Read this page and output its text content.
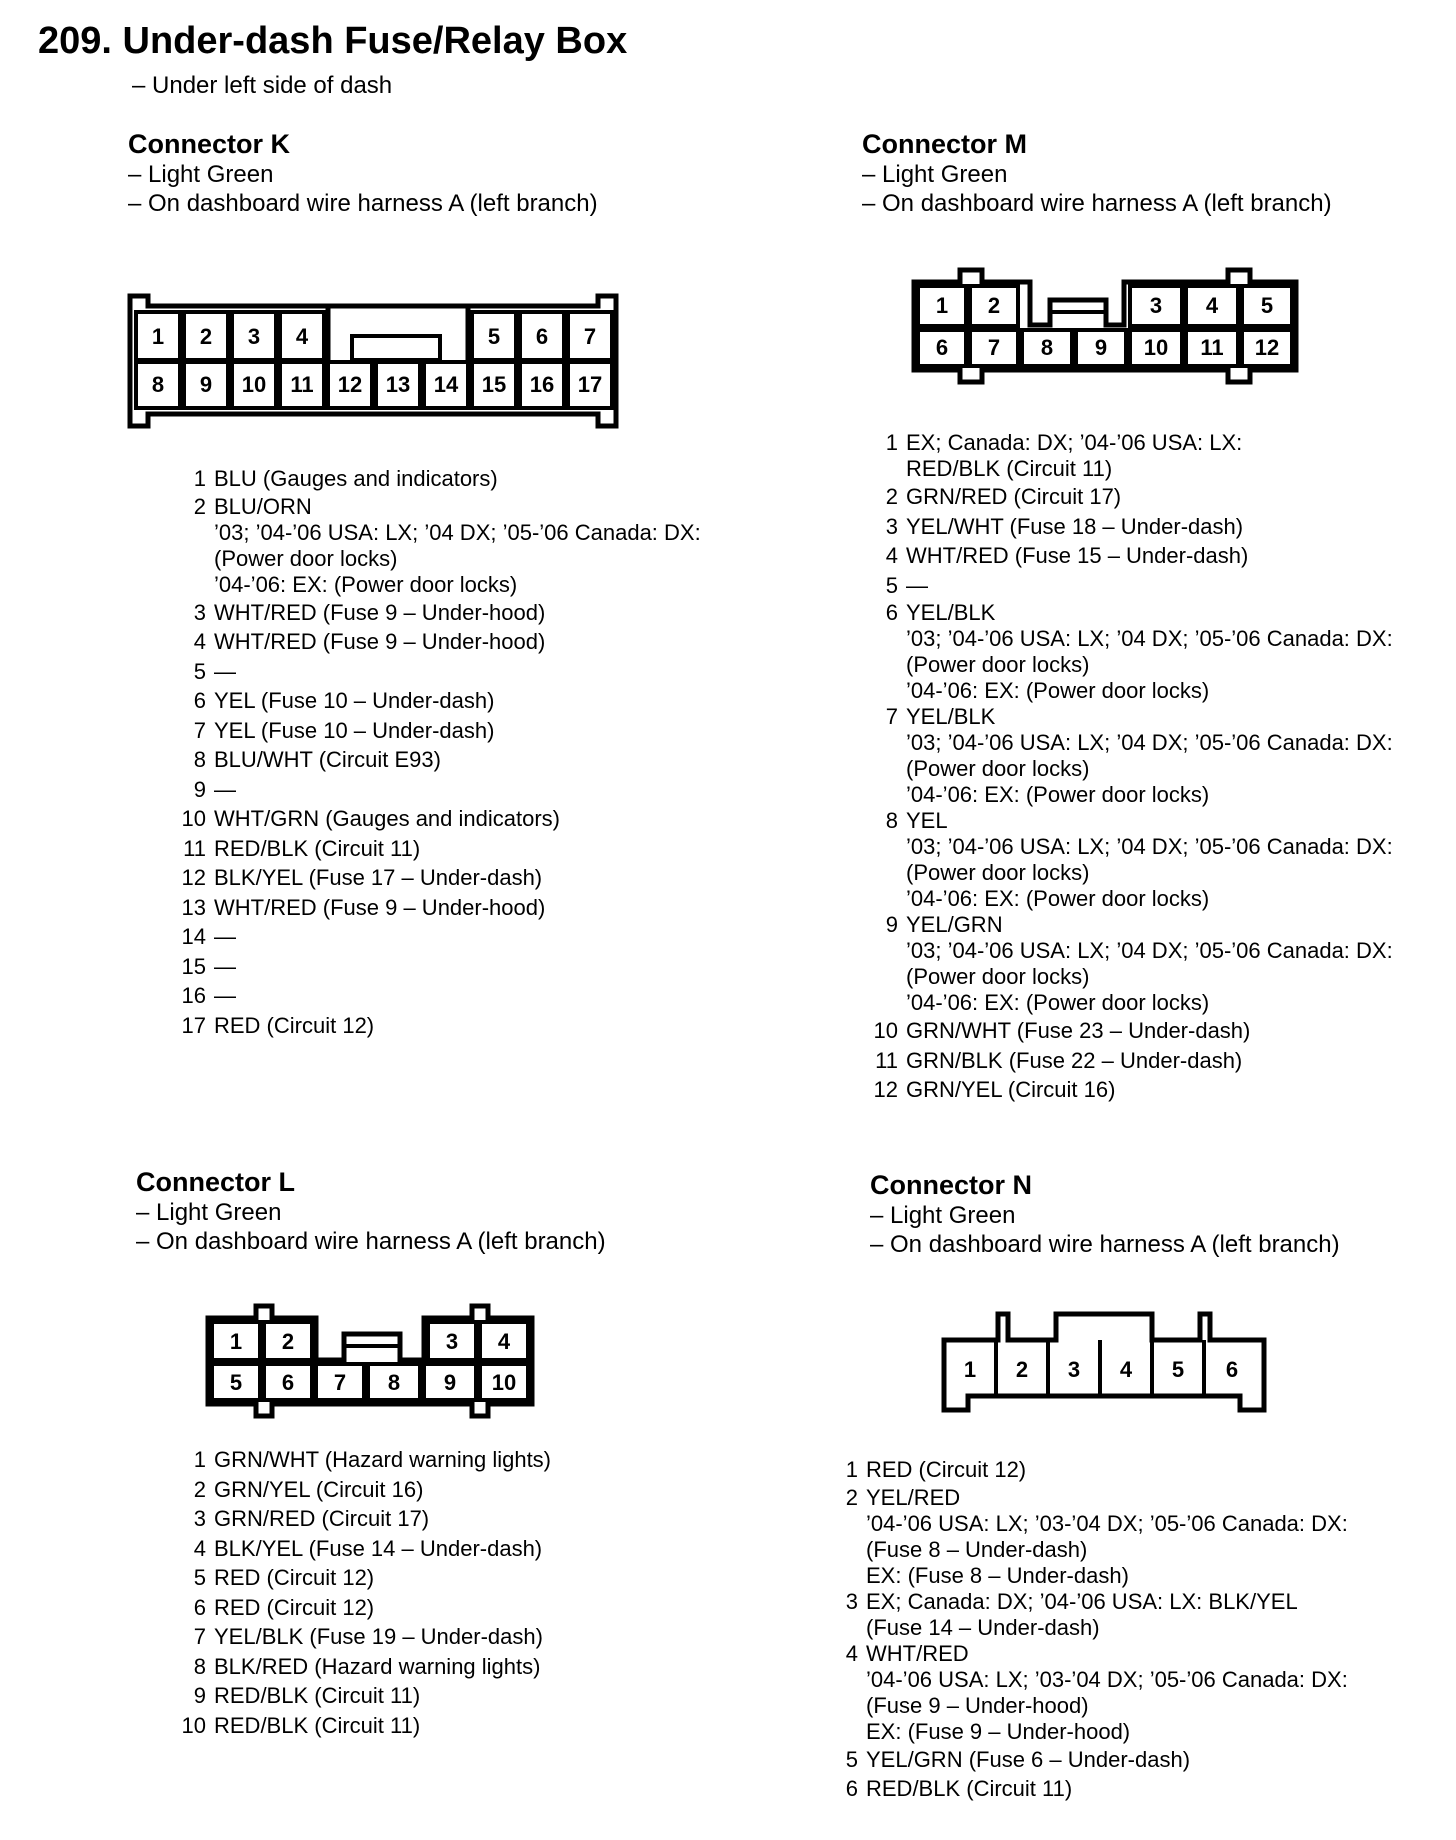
209. Under-dash Fuse/Relay Box
– Under left side of dash
Connector K
– Light Green
– On dashboard wire harness A (left branch)
Connector M
– Light Green
– On dashboard wire harness A (left branch)
Connector L
– Light Green
– On dashboard wire harness A (left branch)
Connector N
– Light Green
– On dashboard wire harness A (left branch)
1 2 3 4	5 6 7
8 9 10 11 12 13 14 15 16 17
1 2	3 4 5
6 7 8 9 10 11 12
1 2	3 4
5 6 7 8 9 10
1 2 3 4 5 6
1 BLU (Gauges and indicators)
2 BLU/ORN
’03; ’04-’06 USA: LX; ’04 DX; ’05-’06 Canada: DX:
(Power door locks)
’04-’06: EX: (Power door locks)
3 WHT/RED (Fuse 9 – Under-hood)
4 WHT/RED (Fuse 9 – Under-hood)
5 —
6 YEL (Fuse 10 – Under-dash)
7 YEL (Fuse 10 – Under-dash)
8 BLU/WHT (Circuit E93)
9 —
10 WHT/GRN (Gauges and indicators)
11 RED/BLK (Circuit 11)
12 BLK/YEL (Fuse 17 – Under-dash)
13 WHT/RED (Fuse 9 – Under-hood)
14 —
15 —
16 —
17 RED (Circuit 12)
1 EX; Canada: DX; ’04-’06 USA: LX:
RED/BLK (Circuit 11)
2 GRN/RED (Circuit 17)
3 YEL/WHT (Fuse 18 – Under-dash)
4 WHT/RED (Fuse 15 – Under-dash)
5 —
6 YEL/BLK
’03; ’04-’06 USA: LX; ’04 DX; ’05-’06 Canada: DX:
(Power door locks)
’04-’06: EX: (Power door locks)
7 YEL/BLK
’03; ’04-’06 USA: LX; ’04 DX; ’05-’06 Canada: DX:
(Power door locks)
’04-’06: EX: (Power door locks)
8 YEL
’03; ’04-’06 USA: LX; ’04 DX; ’05-’06 Canada: DX:
(Power door locks)
’04-’06: EX: (Power door locks)
9 YEL/GRN
’03; ’04-’06 USA: LX; ’04 DX; ’05-’06 Canada: DX:
(Power door locks)
’04-’06: EX: (Power door locks)
10 GRN/WHT (Fuse 23 – Under-dash)
11 GRN/BLK (Fuse 22 – Under-dash)
12 GRN/YEL (Circuit 16)
1 GRN/WHT (Hazard warning lights)
2 GRN/YEL (Circuit 16)
3 GRN/RED (Circuit 17)
4 BLK/YEL (Fuse 14 – Under-dash)
5 RED (Circuit 12)
6 RED (Circuit 12)
7 YEL/BLK (Fuse 19 – Under-dash)
8 BLK/RED (Hazard warning lights)
9 RED/BLK (Circuit 11)
10 RED/BLK (Circuit 11)
1 RED (Circuit 12)
2 YEL/RED
’04-’06 USA: LX; ’03-’04 DX; ’05-’06 Canada: DX:
(Fuse 8 – Under-dash)
EX: (Fuse 8 – Under-dash)
3 EX; Canada: DX; ’04-’06 USA: LX: BLK/YEL
(Fuse 14 – Under-dash)
4 WHT/RED
’04-’06 USA: LX; ’03-’04 DX; ’05-’06 Canada: DX:
(Fuse 9 – Under-hood)
EX: (Fuse 9 – Under-hood)
5 YEL/GRN (Fuse 6 – Under-dash)
6 RED/BLK (Circuit 11)
